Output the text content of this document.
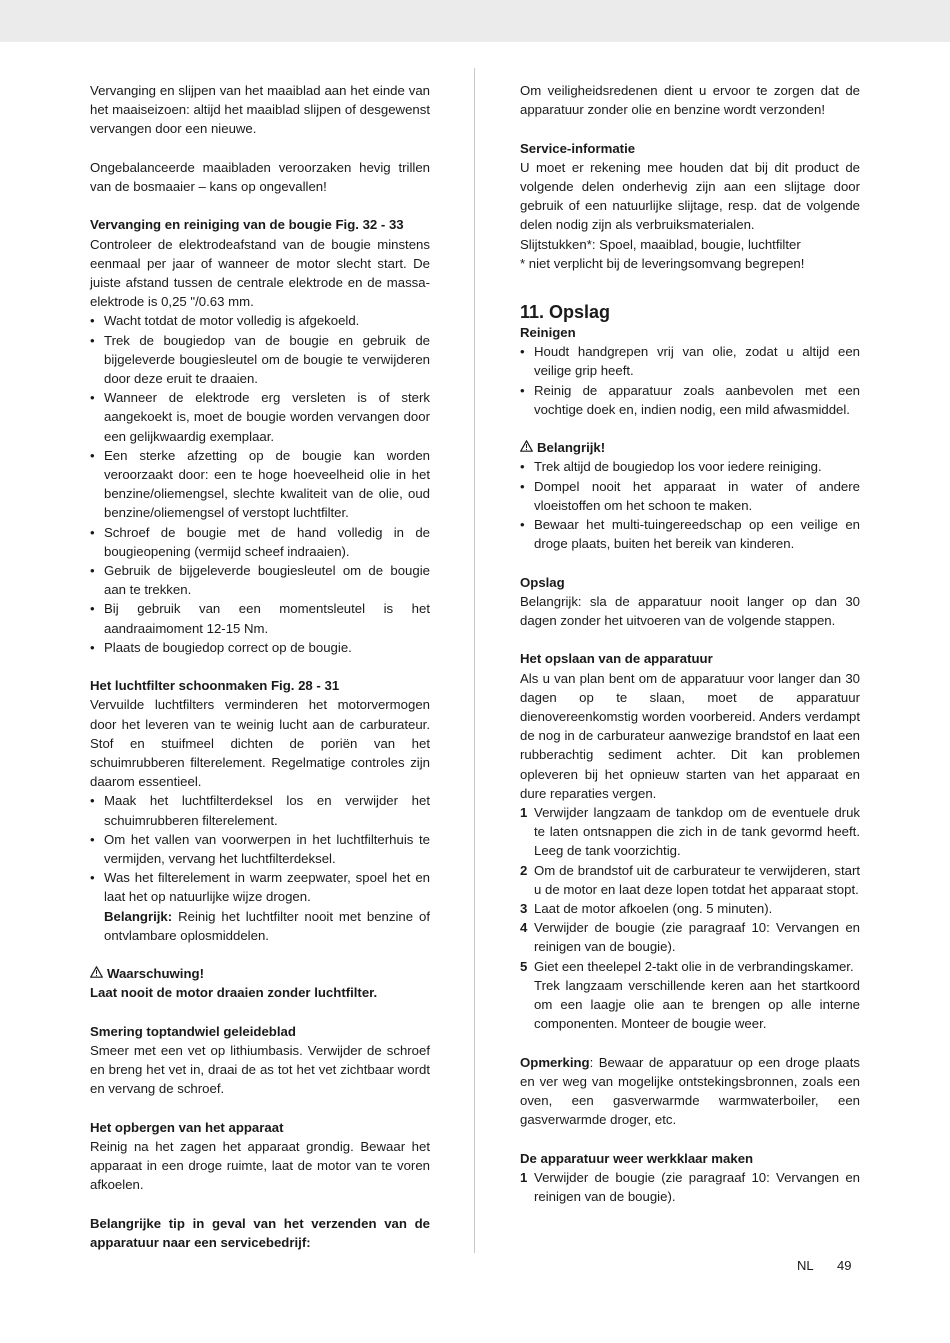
Vervanging en slijpen van het maaiblad aan het einde van het maaiseizoen: altijd het maaiblad slijpen of desgewenst vervangen door een nieuwe.

Ongebalanceerde maaibladen veroorzaken hevig trillen van de bosmaaier – kans op ongevallen!

Vervanging en reiniging van de bougie Fig. 32 - 33

Controleer de elektrodeafstand van de bougie minstens eenmaal per jaar of wanneer de motor slecht start. De juiste afstand tussen de centrale elektrode en de massa-elektrode is 0,25 "/0.63 mm.

• Wacht totdat de motor volledig is afgekoeld.
• Trek de bougiedop van de bougie en gebruik de bijgeleverde bougiesleutel om de bougie te verwijderen door deze eruit te draaien.
• Wanneer de elektrode erg versleten is of sterk aangekoekt is, moet de bougie worden vervangen door een gelijkwaardig exemplaar.
• Een sterke afzetting op de bougie kan worden veroorzaakt door: een te hoge hoeveelheid olie in het benzine/oliemengsel, slechte kwaliteit van de olie, oud benzine/oliemengsel of verstopt luchtfilter.
• Schroef de bougie met de hand volledig in de bougieopening (vermijd scheef indraaien).
• Gebruik de bijgeleverde bougiesleutel om de bougie aan te trekken.
• Bij gebruik van een momentsleutel is het aandraaimoment 12-15 Nm.
• Plaats de bougiedop correct op de bougie.

Het luchtfilter schoonmaken Fig. 28 - 31

Vervuilde luchtfilters verminderen het motorvermogen door het leveren van te weinig lucht aan de carburateur. Stof en stuifmeel dichten de poriën van het schuimrubberen filterelement. Regelmatige controles zijn daarom essentieel.

• Maak het luchtfilterdeksel los en verwijder het schuimrubberen filterelement.
• Om het vallen van voorwerpen in het luchtfilterhuis te vermijden, vervang het luchtfilterdeksel.
• Was het filterelement in warm zeepwater, spoel het en laat het op natuurlijke wijze drogen.

Belangrijk: Reinig het luchtfilter nooit met benzine of ontvlambare oplosmiddelen.

Waarschuwing!

Laat nooit de motor draaien zonder luchtfilter.

Smering toptandwiel geleideblad

Smeer met een vet op lithiumbasis. Verwijder de schroef en breng het vet in, draai de as tot het vet zichtbaar wordt en vervang de schroef.

Het opbergen van het apparaat

Reinig na het zagen het apparaat grondig. Bewaar het apparaat in een droge ruimte, laat de motor van te voren afkoelen.

Belangrijke tip in geval van het verzenden van de apparatuur naar een servicebedrijf:

Om veiligheidsredenen dient u ervoor te zorgen dat de apparatuur zonder olie en benzine wordt verzonden!

Service-informatie

U moet er rekening mee houden dat bij dit product de volgende delen onderhevig zijn aan een slijtage door gebruik of een natuurlijke slijtage, resp. dat de volgende delen nodig zijn als verbruiksmaterialen.

Slijtstukken*: Spoel, maaiblad, bougie, luchtfilter

* niet verplicht bij de leveringsomvang begrepen!

11. Opslag

Reinigen

• Houdt handgrepen vrij van olie, zodat u altijd een veilige grip heeft.
• Reinig de apparatuur zoals aanbevolen met een vochtige doek en, indien nodig, een mild afwasmiddel.

Belangrijk!

• Trek altijd de bougiedop los voor iedere reiniging.
• Dompel nooit het apparaat in water of andere vloeistoffen om het schoon te maken.
• Bewaar het multi-tuingereedschap op een veilige en droge plaats, buiten het bereik van kinderen.

Opslag

Belangrijk: sla de apparatuur nooit langer op dan 30 dagen zonder het uitvoeren van de volgende stappen.

Het opslaan van de apparatuur

Als u van plan bent om de apparatuur voor langer dan 30 dagen op te slaan, moet de apparatuur dienovereenkomstig worden voorbereid. Anders verdampt de nog in de carburateur aanwezige brandstof en laat een rubberachtig sediment achter. Dit kan problemen opleveren bij het opnieuw starten van het apparaat en dure reparaties vergen.

1 Verwijder langzaam de tankdop om de eventuele druk te laten ontsnappen die zich in de tank gevormd heeft. Leeg de tank voorzichtig.
2 Om de brandstof uit de carburateur te verwijderen, start u de motor en laat deze lopen totdat het apparaat stopt.
3 Laat de motor afkoelen (ong. 5 minuten).
4 Verwijder de bougie (zie paragraaf 10: Vervangen en reinigen van de bougie).
5 Giet een theelepel 2-takt olie in de verbrandingskamer.

Trek langzaam verschillende keren aan het startkoord om een laagje olie aan te brengen op alle interne componenten. Monteer de bougie weer.

Opmerking: Bewaar de apparatuur op een droge plaats en ver weg van mogelijke ontstekingsbronnen, zoals een oven, een gasverwarmde warmwaterboiler, een gasverwarmde droger, etc.

De apparatuur weer werkklaar maken

1 Verwijder de bougie (zie paragraaf 10: Vervangen en reinigen van de bougie).
NL 49
